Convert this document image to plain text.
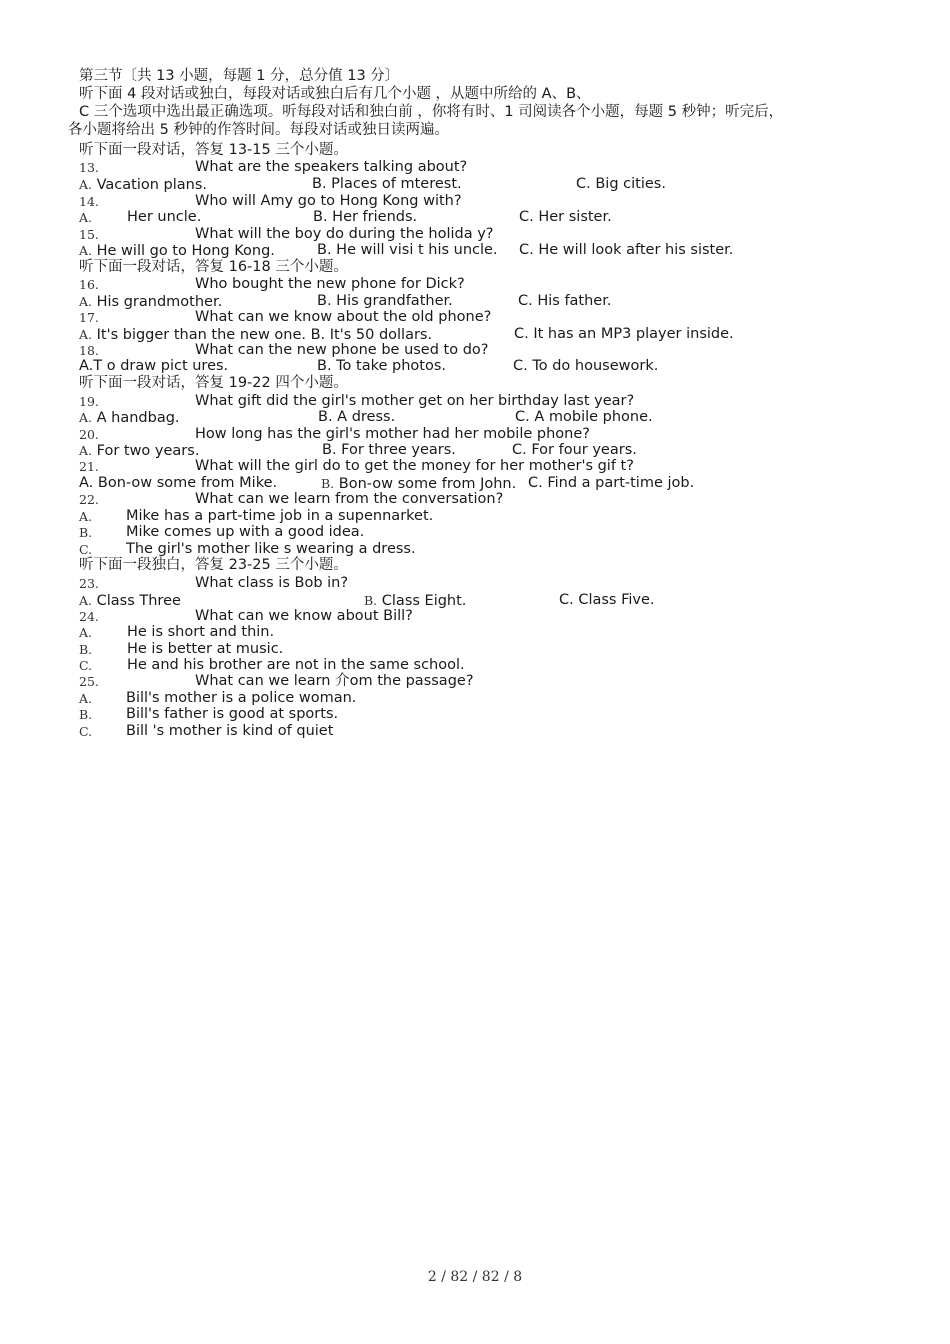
第三节〔共 13 小题，每题 1 分，总分值 13 分〕
听下面 4 段对话或独白，每段对话或独白后有几个小题 ，从题中所给的 A、B、
C 三个选项中选出最正确选项。听每段对话和独白前 ，你将有时、1 司阅读各个小题，每题 5 秒钟；听完后，
各小题将给出 5 秒钟的作答时间。每段对话或独日读两遍。
听下面一段对话，答复 13-15 三个小题。
13.	What are the speakers talking about?
A. Vacation plans.	B. Places of mterest.	C. Big cities.
14.	Who will Amy go to Hong Kong with?
A. Her uncle.	B. Her friends.	C. Her sister.
15.	What will the boy do during the holida y?
A. He will go to Hong Kong.	B. He will visi t his uncle. C. He will look after his sister.
听下面一段对话，答复 16-18 三个小题。
16.	Who bought the new phone for Dick?
A. His grandmother.	B. His grandfather.	C. His father.
17.	What can we know about the old phone?
A. It's bigger than the new one. B. It's 50 dollars.	C. It has an MP3 player inside.
18.	What can the new phone be used to do?
A.T o draw pict ures.	B. To take photos.	C. To do housework.
听下面一段对话，答复 19-22 四个小题。
19.	What gift did the girl's mother get on her birthday last year?
A. A handbag.	B. A dress.	C. A mobile phone.
20.	How long has the girl's mother had her mobile phone?
A. For two years.	B. For three years.	C. For four years.
21.	What will the girl do to get the money for her mother's gif t?
A. Bon-ow some from Mike.	B. Bon-ow some from John. C. Find a part-time job.
22.	What can we learn from the conversation?
A. Mike has a part-time job in a supennarket.
B. Mike comes up with a good idea.
C. The girl's mother like s wearing a dress.
听下面一段独白，答复 23-25 三个小题。
23.	What class is Bob in?
A. Class Three	B. Class Eight.	C. Class Five.
24.	What can we know about Bill?
A. He is short and thin.
B. He is better at music.
C. He and his brother are not in the same school.
25.	What can we learn 介om the passage?
A. Bill's mother is a police woman.
B. Bill's father is good at sports.
C. Bill 's mother is kind of quiet
2 / 82 / 82 / 8
